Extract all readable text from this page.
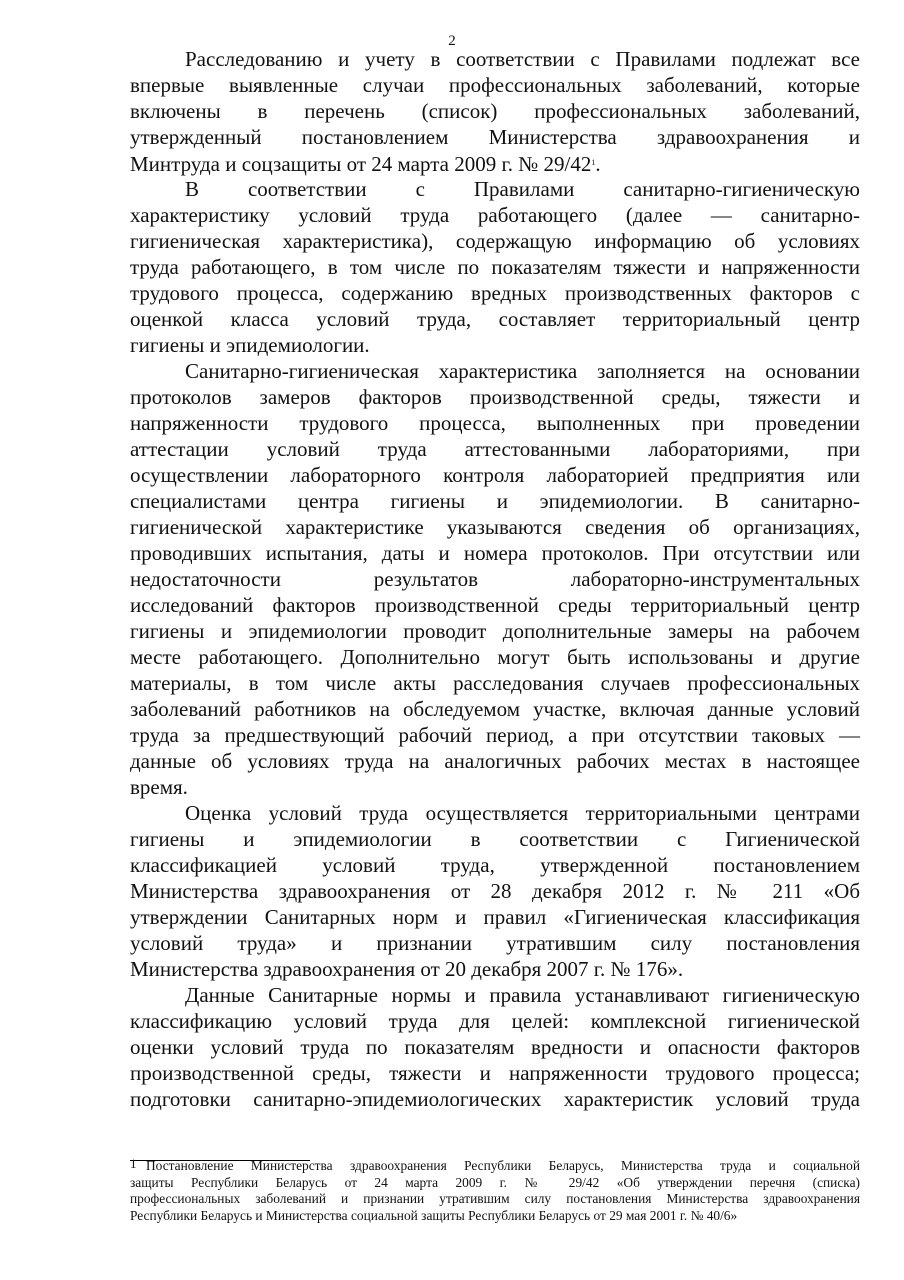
2
Расследованию и учету в соответствии с Правилами подлежат все
впервые выявленные случаи профессиональных заболеваний, которые
включены в перечень (список) профессиональных заболеваний,
утвержденный постановлением Министерства здравоохранения и
Минтруда и соцзащиты от 24 марта 2009 г. № $29/42^1$.
В соответствии с Правилами санитарно-гигиеническую
характеристику условий труда работающего (далее — санитарно-
гигиеническая характеристика), содержащую информацию об условиях
труда работающего, в том числе по показателям тяжести и напряженности
трудового процесса, содержанию вредных производственных факторов с
оценкой класса условий труда, составляет территориальный центр
гигиены и эпидемиологии.
Санитарно-гигиеническая характеристика заполняется на основании
протоколов замеров факторов производственной среды, тяжести и
напряженности трудового процесса, выполненных при проведении
аттестации условий труда аттестованными лабораториями, при
осуществлении лабораторного контроля лабораторией предприятия или
специалистами центра гигиены и эпидемиологии. В санитарно-
гигиенической характеристике указываются сведения об организациях,
проводивших испытания, даты и номера протоколов. При отсутствии или
недостаточности результатов лабораторно-инструментальных
исследований факторов производственной среды территориальный центр
гигиены и эпидемиологии проводит дополнительные замеры на рабочем
месте работающего. Дополнительно могут быть использованы и другие
материалы, в том числе акты расследования случаев профессиональных
заболеваний работников на обследуемом участке, включая данные условий
труда за предшествующий рабочий период, а при отсутствии таковых —
данные об условиях труда на аналогичных рабочих местах в настоящее
время.
Оценка условий труда осуществляется территориальными центрами
гигиены и эпидемиологии в соответствии с Гигиенической
классификацией условий труда, утвержденной постановлением
Министерства здравоохранения от 28 декабря 2012 г. № 211 «Об
утверждении Санитарных норм и правил «Гигиеническая классификация
условий труда» и признании утратившим силу постановления
Министерства здравоохранения от 20 декабря 2007 г. № 176».
Данные Санитарные нормы и правила устанавливают гигиеническую
классификацию условий труда для целей: комплексной гигиенической
оценки условий труда по показателям вредности и опасности факторов
производственной среды, тяжести и напряженности трудового процесса;
подготовки санитарно-эпидемиологических характеристик условий труда
1 Постановление Министерства здравоохранения Республики Беларусь, Министерства труда и социальной
защиты Республики Беларусь от 24 марта 2009 г. № 29/42 «Об утверждении перечня (списка)
профессиональных заболеваний и признании утратившим силу постановления Министерства здравоохранения
Республики Беларусь и Министерства социальной защиты Республики Беларусь от 29 мая 2001 г. № 40/6»
